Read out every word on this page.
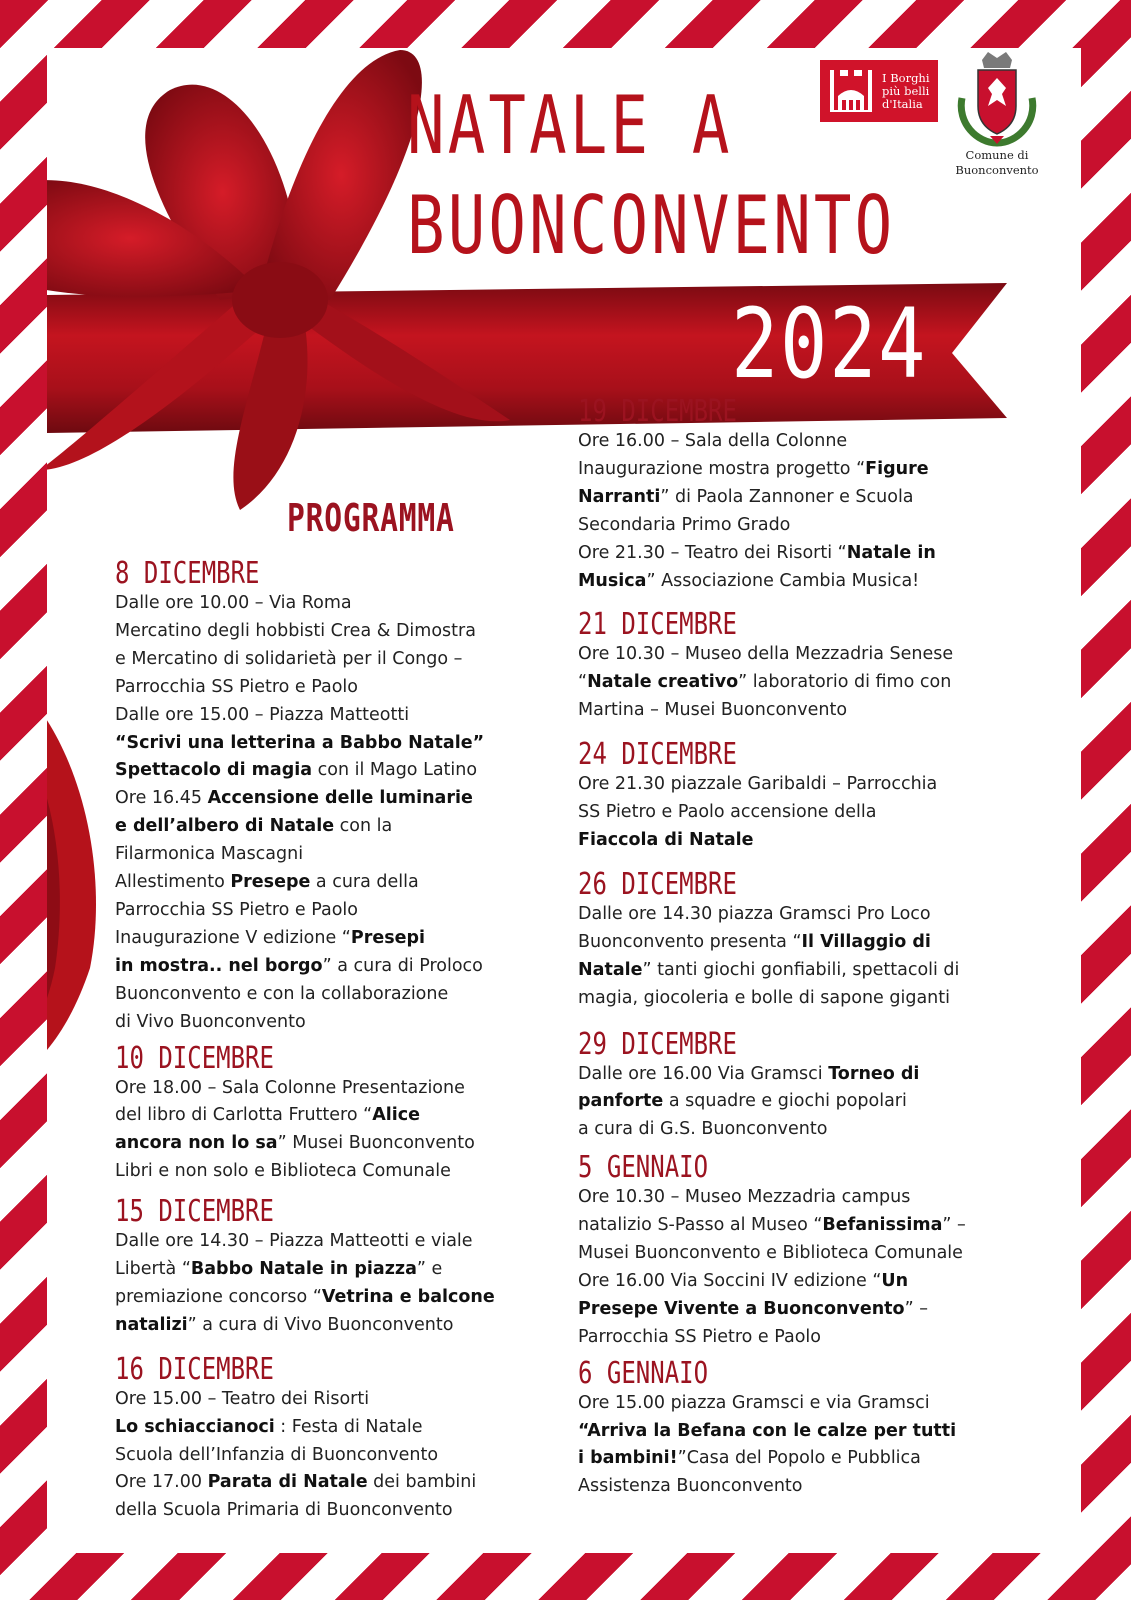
NATALE A
BUONCONVENTO
2024
I Borghi
più belli
d'Italia
Comune di
Buonconvento
PROGRAMMA
8 DICEMBRE
Dalle ore 10.00 – Via Roma
Mercatino degli hobbisti Crea & Dimostra
e Mercatino di solidarietà per il Congo –
Parrocchia SS Pietro e Paolo
Dalle ore 15.00 – Piazza Matteotti
“Scrivi una letterina a Babbo Natale”
Spettacolo di magia con il Mago Latino
Ore 16.45 Accensione delle luminarie
e dell’albero di Natale con la
Filarmonica Mascagni
Allestimento Presepe a cura della
Parrocchia SS Pietro e Paolo
Inaugurazione V edizione “Presepi
in mostra.. nel borgo” a cura di Proloco
Buonconvento e con la collaborazione
di Vivo Buonconvento
10 DICEMBRE
Ore 18.00 – Sala Colonne Presentazione
del libro di Carlotta Fruttero “Alice
ancora non lo sa” Musei Buonconvento
Libri e non solo e Biblioteca Comunale
15 DICEMBRE
Dalle ore 14.30 – Piazza Matteotti e viale
Libertà “Babbo Natale in piazza” e
premiazione concorso “Vetrina e balcone
natalizi” a cura di Vivo Buonconvento
16 DICEMBRE
Ore 15.00 – Teatro dei Risorti
Lo schiaccianoci : Festa di Natale
Scuola dell’Infanzia di Buonconvento
Ore 17.00 Parata di Natale dei bambini
della Scuola Primaria di Buonconvento
19 DICEMBRE
Ore 16.00 – Sala della Colonne
Inaugurazione mostra progetto “Figure
Narranti” di Paola Zannoner e Scuola
Secondaria Primo Grado
Ore 21.30 – Teatro dei Risorti “Natale in
Musica” Associazione Cambia Musica!
21 DICEMBRE
Ore 10.30 – Museo della Mezzadria Senese
“Natale creativo” laboratorio di fimo con
Martina – Musei Buonconvento
24 DICEMBRE
Ore 21.30 piazzale Garibaldi – Parrocchia
SS Pietro e Paolo accensione della
Fiaccola di Natale
26 DICEMBRE
Dalle ore 14.30 piazza Gramsci Pro Loco
Buonconvento presenta “Il Villaggio di
Natale” tanti giochi gonfiabili, spettacoli di
magia, giocoleria e bolle di sapone giganti
29 DICEMBRE
Dalle ore 16.00 Via Gramsci Torneo di
panforte a squadre e giochi popolari
a cura di G.S. Buonconvento
5 GENNAIO
Ore 10.30 – Museo Mezzadria campus
natalizio S-Passo al Museo “Befanissima” –
Musei Buonconvento e Biblioteca Comunale
Ore 16.00 Via Soccini IV edizione “Un
Presepe Vivente a Buonconvento” –
Parrocchia SS Pietro e Paolo
6 GENNAIO
Ore 15.00 piazza Gramsci e via Gramsci
“Arriva la Befana con le calze per tutti
i bambini!”Casa del Popolo e Pubblica
Assistenza Buonconvento
